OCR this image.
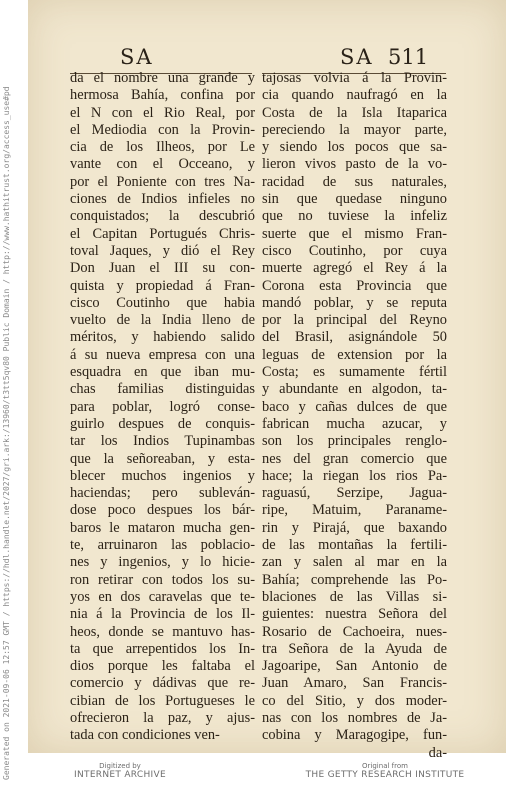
SA	SA 511
da el nombre una grande y
hermosa Bahía, confina por
el N con el Rio Real, por
el Mediodia con la Provin-
cia de los Ilheos, por Le
vante con el Occeano, y
por el Poniente con tres Na-
ciones de Indios infieles no
conquistados; la descubrió
el Capitan Portugués Chris-
toval Jaques, y dió el Rey
Don Juan el III su con-
quista y propiedad á Fran-
cisco Coutinho que habia
vuelto de la India lleno de
méritos, y habiendo salido
á su nueva empresa con una
esquadra en que iban mu-
chas familias distinguidas
para poblar, logró conse-
guirlo despues de conquis-
tar los Indios Tupinambas
que la señoreaban, y esta-
blecer muchos ingenios y
haciendas; pero subleván-
dose poco despues los bár-
baros le mataron mucha gen-
te, arruinaron las poblacio-
nes y ingenios, y lo hicie-
ron retirar con todos los su-
yos en dos caravelas que te-
nia á la Provincia de los Il-
heos, donde se mantuvo has-
ta que arrepentidos los In-
dios porque les faltaba el
comercio y dádivas que re-
cibian de los Portugueses le
ofrecieron la paz, y ajus-
tada con condiciones ven-
tajosas volvia á la Provin-
cia quando naufragó en la
Costa de la Isla Itaparica
pereciendo la mayor parte,
y siendo los pocos que sa-
lieron vivos pasto de la vo-
racidad de sus naturales,
sin que quedase ninguno
que no tuviese la infeliz
suerte que el mismo Fran-
cisco Coutinho, por cuya
muerte agregó el Rey á la
Corona esta Provincia que
mandó poblar, y se reputa
por la principal del Reyno
del Brasil, asignándole 50
leguas de extension por la
Costa; es sumamente fértil
y abundante en algodon, ta-
baco y cañas dulces de que
fabrican mucha azucar, y
son los principales renglo-
nes del gran comercio que
hace; la riegan los rios Pa-
raguasú, Serzipe, Jagua-
ripe, Matuim, Paraname-
rin y Pirajá, que baxando
de las montañas la fertili-
zan y salen al mar en la
Bahía; comprehende las Po-
blaciones de las Villas si-
guientes: nuestra Señora del
Rosario de Cachoeira, nues-
tra Señora de la Ayuda de
Jagoaripe, San Antonio de
Juan Amaro, San Francis-
co del Sitio, y dos moder-
nas con los nombres de Ja-
cobina y Maragogipe, fun-
da-
Generated on 2021-09-06 12:57 GMT / https://hdl.handle.net/2027/gri.ark:/13960/t3tt5qv80 Public Domain / http://www.hathitrust.org/access_use#pd	Digitized by
INTERNET ARCHIVE
Original from
THE GETTY RESEARCH INSTITUTE
